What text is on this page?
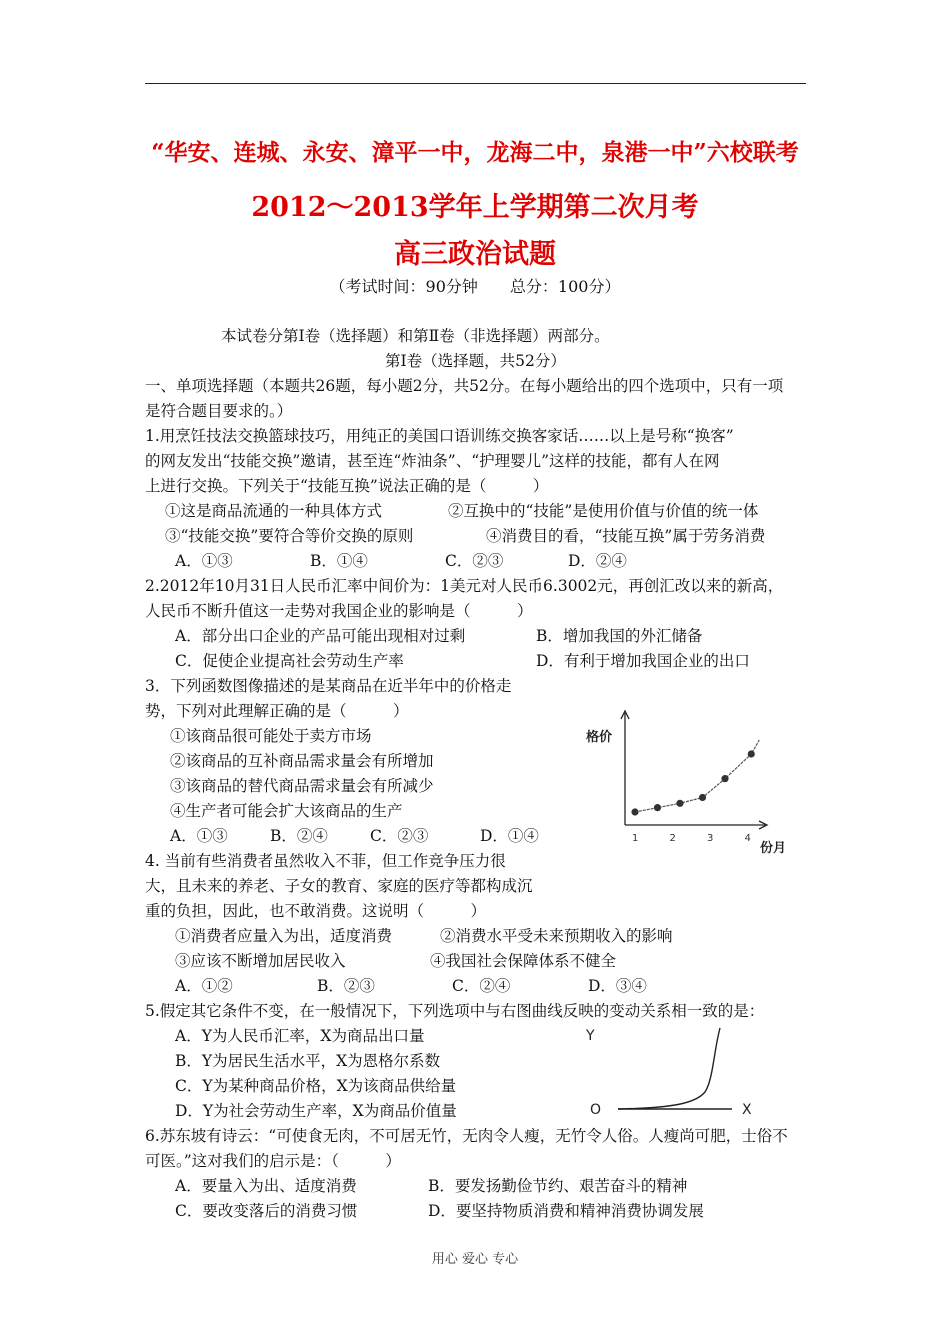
“华安、连城、永安、漳平一中，龙海二中，泉港一中”六校联考
2012～2013学年上学期第二次月考
高三政治试题
（考试时间：90分钟　　总分：100分）
本试卷分第Ⅰ卷（选择题）和第Ⅱ卷（非选择题）两部分。
第Ⅰ卷（选择题，共52分）
一、单项选择题（本题共26题，每小题2分，共52分。在每小题给出的四个选项中，只有一项
是符合题目要求的。）
1.用烹饪技法交换篮球技巧，用纯正的美国口语训练交换客家话……以上是号称“换客”
的网友发出“技能交换”邀请，甚至连“炸油条”、“护理婴儿”这样的技能，都有人在网
上进行交换。下列关于“技能互换”说法正确的是（　　　）
①这是商品流通的一种具体方式	②互换中的“技能”是使用价值与价值的统一体
③“技能交换”要符合等价交换的原则	④消费目的看，“技能互换”属于劳务消费
A．①③	B．①④	C．②③	D．②④
2.2012年10月31日人民币汇率中间价为：1美元对人民币6.3002元，再创汇改以来的新高，
人民币不断升值这一走势对我国企业的影响是（　　　）
A．部分出口企业的产品可能出现相对过剩	B．增加我国的外汇储备
C．促使企业提高社会劳动生产率	D．有利于增加我国企业的出口
3．下列函数图像描述的是某商品在近半年中的价格走
势，下列对此理解正确的是（　　　）
①该商品很可能处于卖方市场
②该商品的互补商品需求量会有所增加
③该商品的替代商品需求量会有所减少
④生产者可能会扩大该商品的生产
A．①③	B．②④	C．②③	D．①④
格价
份月
1	2	3	4
4. 当前有些消费者虽然收入不菲，但工作竞争压力很
大，且未来的养老、子女的教育、家庭的医疗等都构成沉
重的负担，因此，也不敢消费。这说明（　　　）
①消费者应量入为出，适度消费	②消费水平受未来预期收入的影响
③应该不断增加居民收入	④我国社会保障体系不健全
A．①②	B．②③	C．②④	D．③④
5.假定其它条件不变，在一般情况下，下列选项中与右图曲线反映的变动关系相一致的是：
A．Y为人民币汇率，X为商品出口量
B．Y为居民生活水平，X为恩格尔系数
C．Y为某种商品价格，X为该商品供给量
D．Y为社会劳动生产率，X为商品价值量
Y
O	X
6.苏东坡有诗云：“可使食无肉，不可居无竹，无肉令人瘦，无竹令人俗。人瘦尚可肥，士俗不
可医。”这对我们的启示是：（　　　）
A．要量入为出、适度消费	B．要发扬勤俭节约、艰苦奋斗的精神
C．要改变落后的消费习惯	D．要坚持物质消费和精神消费协调发展
用心 爱心 专心
